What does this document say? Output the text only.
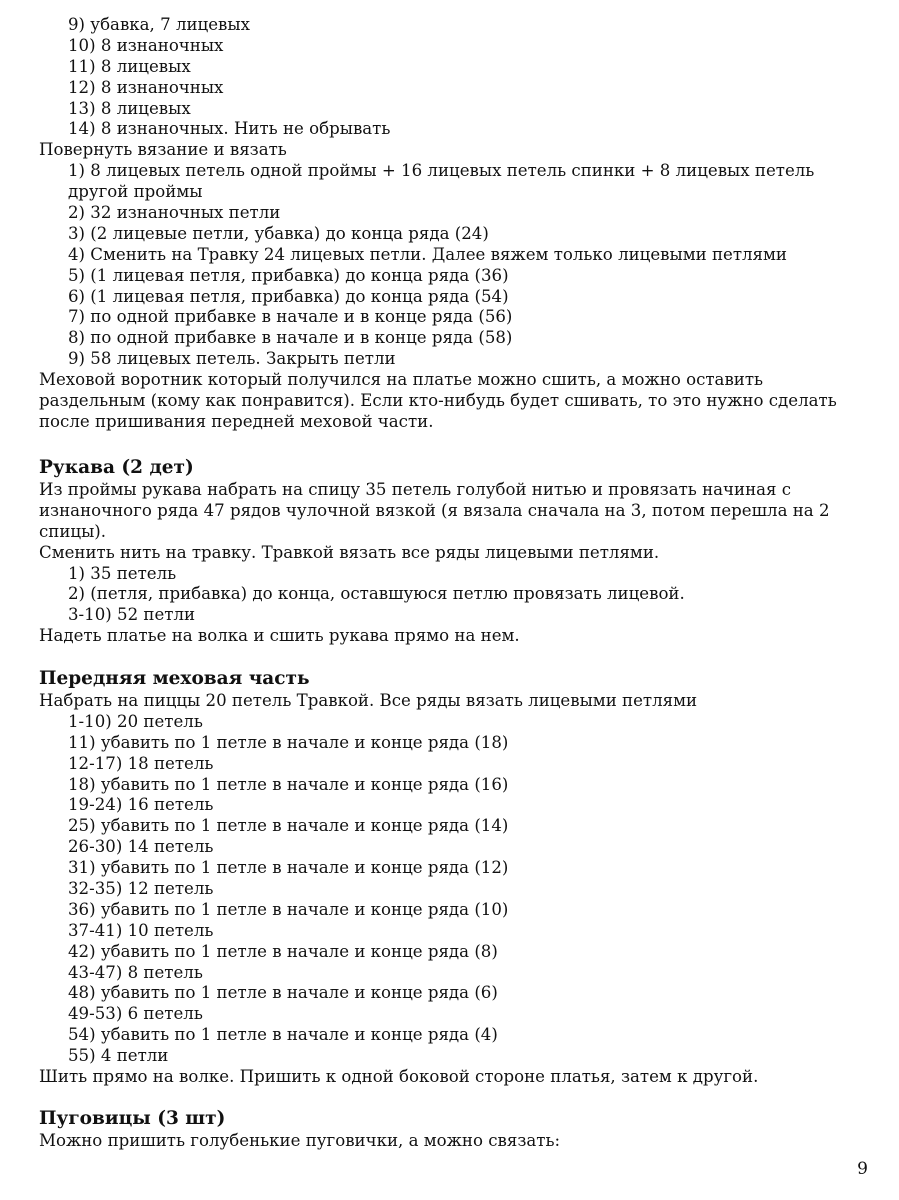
9) убавка, 7 лицевых
10) 8 изнаночных
11) 8 лицевых
12) 8 изнаночных
13) 8 лицевых
14) 8 изнаночных. Нить не обрывать
Повернуть вязание и вязать
1) 8 лицевых петель одной проймы + 16 лицевых петель спинки + 8 лицевых петель
другой проймы
2) 32 изнаночных петли
3) (2 лицевые петли, убавка) до конца ряда (24)
4) Сменить на Травку 24 лицевых петли. Далее вяжем только лицевыми петлями
5) (1 лицевая петля, прибавка) до конца ряда (36)
6) (1 лицевая петля, прибавка) до конца ряда (54)
7) по одной прибавке в начале и в конце ряда (56)
8) по одной прибавке в начале и в конце ряда (58)
9) 58 лицевых петель. Закрыть петли
Меховой воротник который получился на платье можно сшить, а можно оставить
раздельным (кому как понравится). Если кто-нибудь будет сшивать, то это нужно сделать
после пришивания передней меховой части.
Рукава (2 дет)
Из проймы рукава набрать на спицу 35 петель голубой нитью и провязать начиная с
изнаночного ряда 47 рядов чулочной вязкой (я вязала сначала на 3, потом перешла на 2
спицы).
Сменить нить на травку. Травкой вязать все ряды лицевыми петлями.
1) 35 петель
2) (петля, прибавка) до конца, оставшуюся петлю провязать лицевой.
3-10) 52 петли
Надеть платье на волка и сшить рукава прямо на нем.
Передняя меховая часть
Набрать на пиццы 20 петель Травкой. Все ряды вязать лицевыми петлями
1-10) 20 петель
11) убавить по 1 петле в начале и конце ряда (18)
12-17) 18 петель
18) убавить по 1 петле в начале и конце ряда (16)
19-24) 16 петель
25) убавить по 1 петле в начале и конце ряда (14)
26-30) 14 петель
31) убавить по 1 петле в начале и конце ряда (12)
32-35) 12 петель
36) убавить по 1 петле в начале и конце ряда (10)
37-41) 10 петель
42) убавить по 1 петле в начале и конце ряда (8)
43-47) 8 петель
48) убавить по 1 петле в начале и конце ряда (6)
49-53) 6 петель
54) убавить по 1 петле в начале и конце ряда (4)
55) 4 петли
Шить прямо на волке. Пришить к одной боковой стороне платья, затем к другой.
Пуговицы (3 шт)
Можно пришить голубенькие пуговички, а можно связать:
9
